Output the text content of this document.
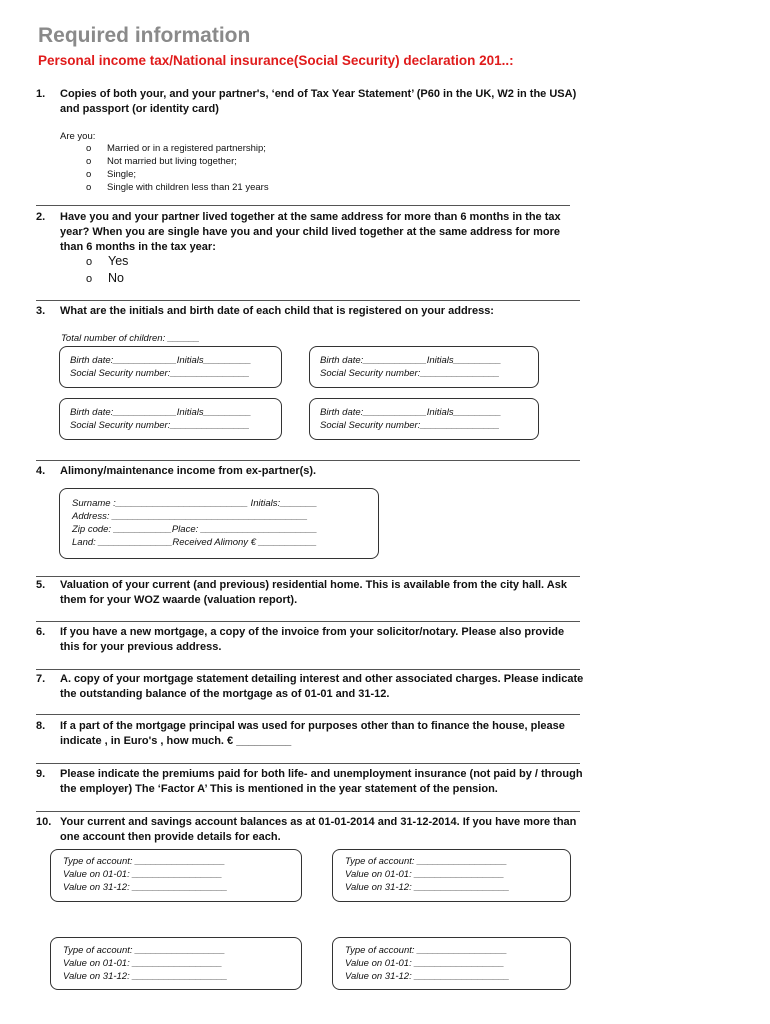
Required information
Personal income tax/National insurance(Social Security) declaration 201..:
1. Copies of both your, and your partner's, ‘end of Tax Year Statement’ (P60 in the UK, W2 in the USA) and passport (or identity card)
Are you:
o Married or in a registered partnership;
o Not married but living together;
o Single;
o Single with children less than 21 years
2. Have you and your partner lived together at the same address for more than 6 months in the tax year? When you are single have you and your child lived together at the same address for more than 6 months in the tax year:
o Yes
o No
3. What are the initials and birth date of each child that is registered on your address:
Total number of children: ______
Birth date:____________Initials_________
Social Security number:_______________
Birth date:____________Initials_________
Social Security number:_______________
Birth date:____________Initials_________
Social Security number:_______________
Birth date:____________Initials_________
Social Security number:_______________
4. Alimony/maintenance income from ex-partner(s).
Surname :_________________________ Initials:_______
Address: _____________________________________
Zip code: ___________Place: ______________________
Land: ______________Received Alimony € ___________
5. Valuation of your current (and previous) residential home. This is available from the city hall. Ask them for your WOZ waarde (valuation report).
6. If you have a new mortgage, a copy of the invoice from your solicitor/notary. Please also provide this for your previous address.
7. A. copy of your mortgage statement detailing interest and other associated charges. Please indicate the outstanding balance of the mortgage as of 01-01 and 31-12.
8. If a part of the mortgage principal was used for purposes other than to finance the house, please indicate , in Euro's , how much. € _________
9. Please indicate the premiums paid for both life- and unemployment insurance (not paid by / through the employer) The ‘Factor A’ This is mentioned in the year statement of the pension.
10. Your current and savings account balances as at 01-01-2014 and 31-12-2014. If you have more than one account then provide details for each.
Type of account: _________________
Value on 01-01: _________________
Value on 31-12: __________________
Type of account: _________________
Value on 01-01: _________________
Value on 31-12: __________________
Type of account: _________________
Value on 01-01: _________________
Value on 31-12: __________________
Type of account: _________________
Value on 01-01: _________________
Value on 31-12: __________________
